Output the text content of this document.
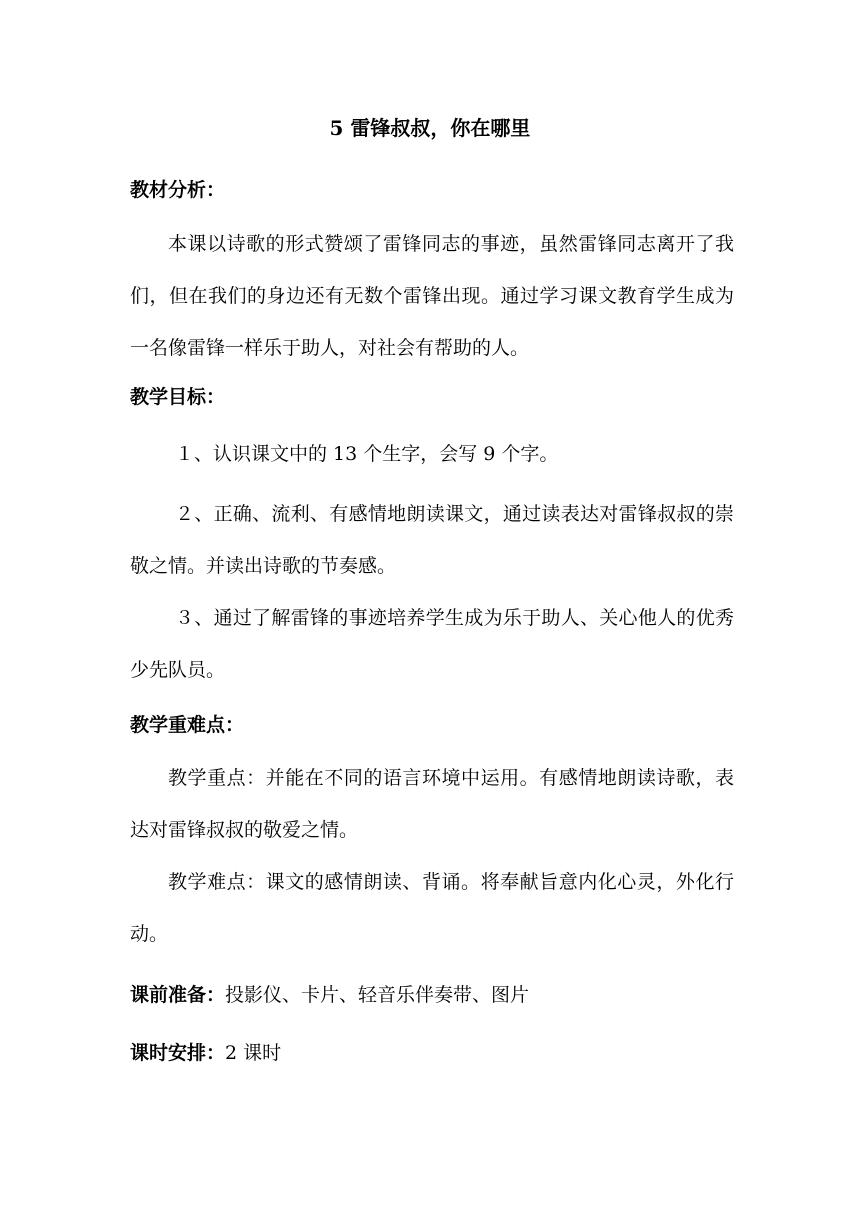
5 雷锋叔叔，你在哪里
教材分析：
本课以诗歌的形式赞颂了雷锋同志的事迹，虽然雷锋同志离开了我们，但在我们的身边还有无数个雷锋出现。通过学习课文教育学生成为一名像雷锋一样乐于助人，对社会有帮助的人。
教学目标：
１、认识课文中的 13 个生字，会写 9 个字。
２、正确、流利、有感情地朗读课文，通过读表达对雷锋叔叔的崇敬之情。并读出诗歌的节奏感。
３、通过了解雷锋的事迹培养学生成为乐于助人、关心他人的优秀少先队员。
教学重难点：
教学重点：并能在不同的语言环境中运用。有感情地朗读诗歌，表达对雷锋叔叔的敬爱之情。
教学难点：课文的感情朗读、背诵。将奉献旨意内化心灵，外化行动。
课前准备：投影仪、卡片、轻音乐伴奏带、图片
课时安排：2 课时
